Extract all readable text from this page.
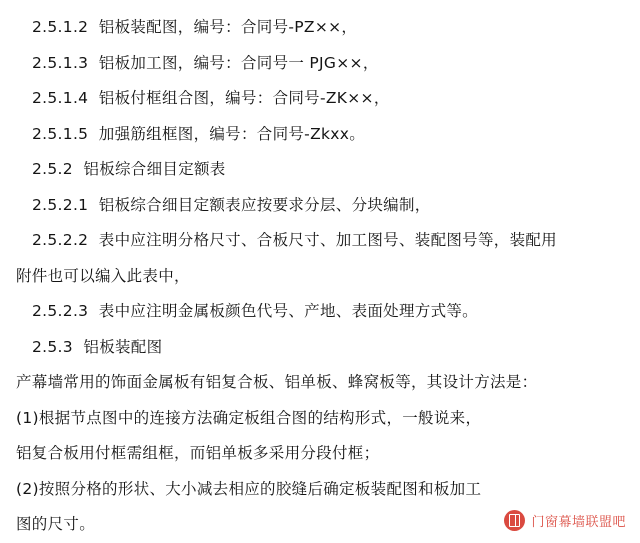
2.5.1.2  铝板装配图，编号：合同号-PZ××，
2.5.1.3  铝板加工图，编号：合同号一 PJG××，
2.5.1.4  铝板付框组合图，编号：合同号-ZK××，
2.5.1.5  加强筋组框图，编号：合同号-Zkxx。
2.5.2  铝板综合细目定额表
2.5.2.1  铝板综合细目定额表应按要求分层、分块编制，
2.5.2.2  表中应注明分格尺寸、合板尺寸、加工图号、装配图号等，装配用
附件也可以编入此表中，
2.5.2.3  表中应注明金属板颜色代号、产地、表面处理方式等。
2.5.3  铝板装配图
产幕墙常用的饰面金属板有铝复合板、铝单板、蜂窝板等，其设计方法是：
(1)根据节点图中的连接方法确定板组合图的结构形式，一般说来，
铝复合板用付框需组框，而铝单板多采用分段付框；
(2)按照分格的形状、大小减去相应的胶缝后确定板装配图和板加工
图的尺寸。	门窗幕墙联盟吧
